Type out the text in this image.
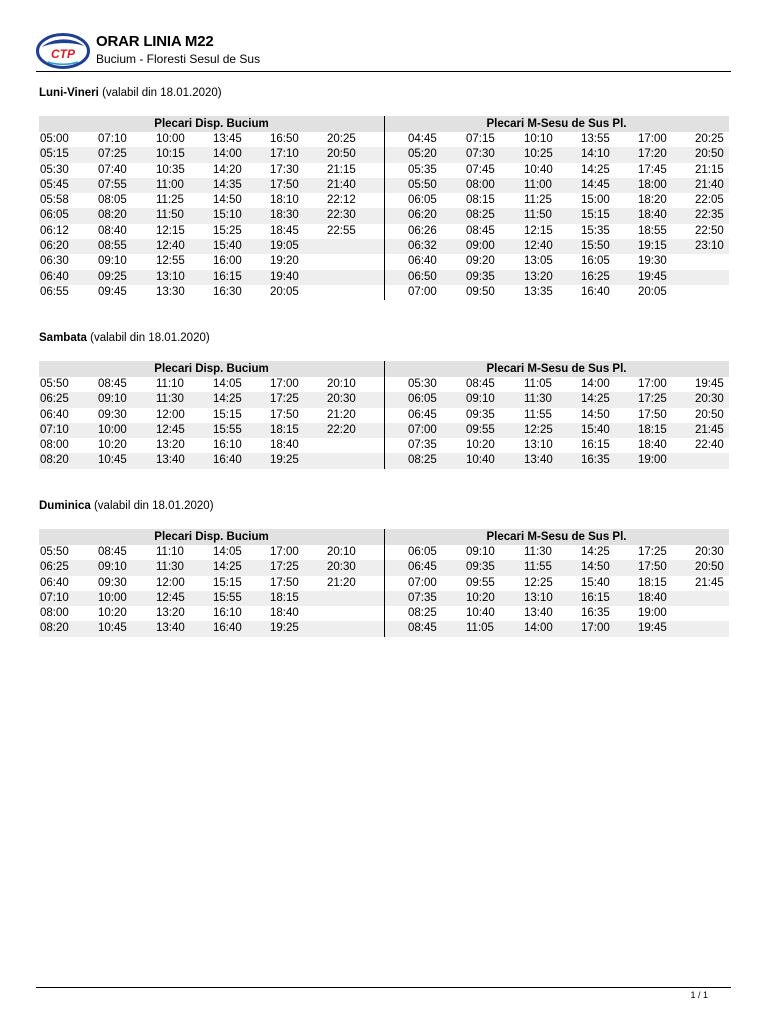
CTP
ORAR LINIA M22
Bucium - Floresti Sesul de Sus
Luni-Vineri (valabil din 18.01.2020)
Plecari Disp. Bucium
05:00	07:10	10:00 13:45 16:50 20:25
05:15	07:25	10:15 14:00 17:10 20:50
05:30	07:40	10:35 14:20 17:30 21:15
05:45	07:55	11:00	14:35 17:50 21:40
05:58	08:05	11:25	14:50 18:10 22:12
06:05	08:20	11:50	15:10 18:30 22:30
06:12	08:40	12:15 15:25 18:45 22:55
06:20	08:55	12:40 15:40 19:05
06:30	09:10	12:55 16:00 19:20
06:40	09:25	13:10 16:15 19:40
06:55	09:45	13:30 16:30 20:05
Plecari M-Sesu de Sus Pl.
04:45	07:15	10:10 13:55 17:00 20:25
05:20	07:30	10:25 14:10 17:20 20:50
05:35	07:45	10:40 14:25 17:45 21:15
05:50	08:00	11:00	14:45 18:00 21:40
06:05	08:15	11:25	15:00 18:20 22:05
06:20	08:25	11:50	15:15 18:40 22:35
06:26	08:45	12:15 15:35 18:55 22:50
06:32	09:00	12:40 15:50 19:15 23:10
06:40	09:20	13:05 16:05 19:30
06:50	09:35	13:20 16:25 19:45
07:00	09:50	13:35 16:40 20:05
Sambata (valabil din 18.01.2020)
Plecari Disp. Bucium
05:50	08:45	11:10	14:05 17:00 20:10
06:25	09:10	11:30	14:25 17:25 20:30
06:40	09:30	12:00 15:15 17:50 21:20
07:10	10:00	12:45 15:55 18:15 22:20
08:00	10:20	13:20 16:10 18:40
08:20	10:45	13:40 16:40 19:25
Plecari M-Sesu de Sus Pl.
05:30	08:45	11:05	14:00 17:00 19:45
06:05	09:10	11:30	14:25 17:25 20:30
06:45	09:35	11:55	14:50 17:50 20:50
07:00	09:55	12:25 15:40 18:15 21:45
07:35	10:20	13:10 16:15 18:40 22:40
08:25	10:40	13:40 16:35 19:00
Duminica (valabil din 18.01.2020)
Plecari Disp. Bucium
05:50	08:45	11:10	14:05 17:00 20:10
06:25	09:10	11:30	14:25 17:25 20:30
06:40	09:30	12:00 15:15 17:50 21:20
07:10	10:00	12:45 15:55 18:15
08:00	10:20	13:20 16:10 18:40
08:20	10:45	13:40 16:40 19:25
Plecari M-Sesu de Sus Pl.
06:05	09:10	11:30	14:25 17:25 20:30
06:45	09:35	11:55	14:50 17:50 20:50
07:00	09:55	12:25 15:40 18:15 21:45
07:35	10:20	13:10 16:15 18:40
08:25	10:40	13:40 16:35 19:00
08:45	11:05	14:00 17:00 19:45
1 / 1
